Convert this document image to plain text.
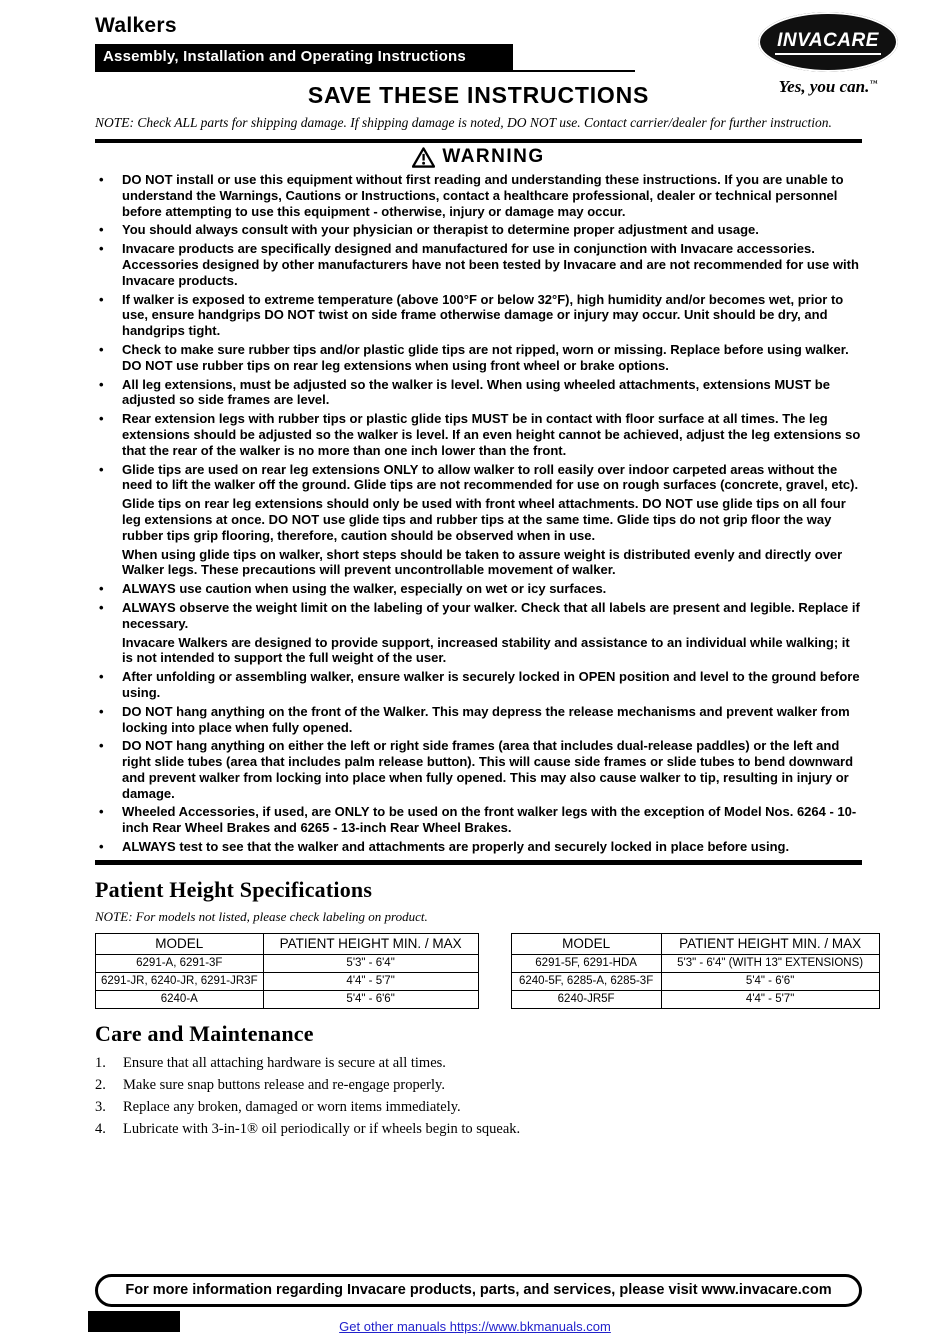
Walkers
Assembly, Installation and Operating Instructions
SAVE THESE INSTRUCTIONS
NOTE: Check ALL parts for shipping damage. If shipping damage is noted, DO NOT use. Contact carrier/dealer for further instruction.
INVACARE
Yes, you can.™
WARNING
•	DO NOT install or use this equipment without first reading and understanding these instructions. If you are unable to understand the Warnings, Cautions or Instructions, contact a healthcare professional, dealer or technical personnel before attempting to use this equipment - otherwise, injury or damage may occur.

•	You should always consult with your physician or therapist to determine proper adjustment and usage.

•	Invacare products are specifically designed and manufactured for use in conjunction with Invacare accessories. Accessories designed by other manufacturers have not been tested by Invacare and are not recommended for use with Invacare products.

•	If walker is exposed to extreme temperature (above 100°F or below 32°F), high humidity and/or becomes wet, prior to use, ensure handgrips DO NOT twist on side frame otherwise damage or injury may occur. Unit should be dry, and handgrips tight.

•	Check to make sure rubber tips and/or plastic glide tips are not ripped, worn or missing. Replace before using walker. DO NOT use rubber tips on rear leg extensions when using front wheel or brake options.

•	All leg extensions, must be adjusted so the walker is level. When using wheeled attachments, extensions MUST be adjusted so side frames are level.

•	Rear extension legs with rubber tips or plastic glide tips MUST be in contact with floor surface at all times. The leg extensions should be adjusted so the walker is level. If an even height cannot be achieved, adjust the leg extensions so that the rear of the walker is no more than one inch lower than the front.

•	Glide tips are used on rear leg extensions ONLY to allow walker to roll easily over indoor carpeted areas without the need to lift the walker off the ground. Glide tips are not recommended for use on rough surfaces (concrete, gravel, etc).

Glide tips on rear leg extensions should only be used with front wheel attachments. DO NOT use glide tips on all four leg extensions at once. DO NOT use glide tips and rubber tips at the same time. Glide tips do not grip floor the way rubber tips grip flooring, therefore, caution should be observed when in use.

When using glide tips on walker, short steps should be taken to assure weight is distributed evenly and directly over Walker legs. These precautions will prevent uncontrollable movement of walker.

•	ALWAYS use caution when using the walker, especially on wet or icy surfaces.

•	ALWAYS observe the weight limit on the labeling of your walker. Check that all labels are present and legible. Replace if necessary.

Invacare Walkers are designed to provide support, increased stability and assistance to an individual while walking; it is not intended to support the full weight of the user.

•	After unfolding or assembling walker, ensure walker is securely locked in OPEN position and level to the ground before using.

•	DO NOT hang anything on the front of the Walker. This may depress the release mechanisms and prevent walker from locking into place when fully opened.

•	DO NOT hang anything on either the left or right side frames (area that includes dual-release paddles) or the left and right slide tubes (area that includes palm release button). This will cause side frames or slide tubes to bend downward and prevent walker from locking into place when fully opened. This may also cause walker to tip, resulting in injury or damage.

•	Wheeled Accessories, if used, are ONLY to be used on the front walker legs with the exception of Model Nos. 6264 - 10-inch Rear Wheel Brakes and 6265 - 13-inch Rear Wheel Brakes.

•	ALWAYS test to see that the walker and attachments are properly and securely locked in place before using.

Patient Height Specifications
NOTE: For models not listed, please check labeling on product.
MODEL	PATIENT HEIGHT MIN. / MAX
6291-A, 6291-3F	5'3" - 6'4"
6291-JR, 6240-JR, 6291-JR3F	4'4" - 5'7"
6240-A	5'4" - 6'6"
MODEL	PATIENT HEIGHT MIN. / MAX
6291-5F, 6291-HDA	5'3" - 6'4" (WITH 13" EXTENSIONS)
6240-5F, 6285-A, 6285-3F	5'4" - 6'6"
6240-JR5F	4'4" - 5'7"
Care and Maintenance
1.	Ensure that all attaching hardware is secure at all times.

2.	Make sure snap buttons release and re-engage properly.

3.	Replace any broken, damaged or worn items immediately.

4.	Lubricate with 3-in-1® oil periodically or if wheels begin to squeak.

For more information regarding Invacare products, parts, and services, please visit www.invacare.com
Get other manuals https://www.bkmanuals.com
